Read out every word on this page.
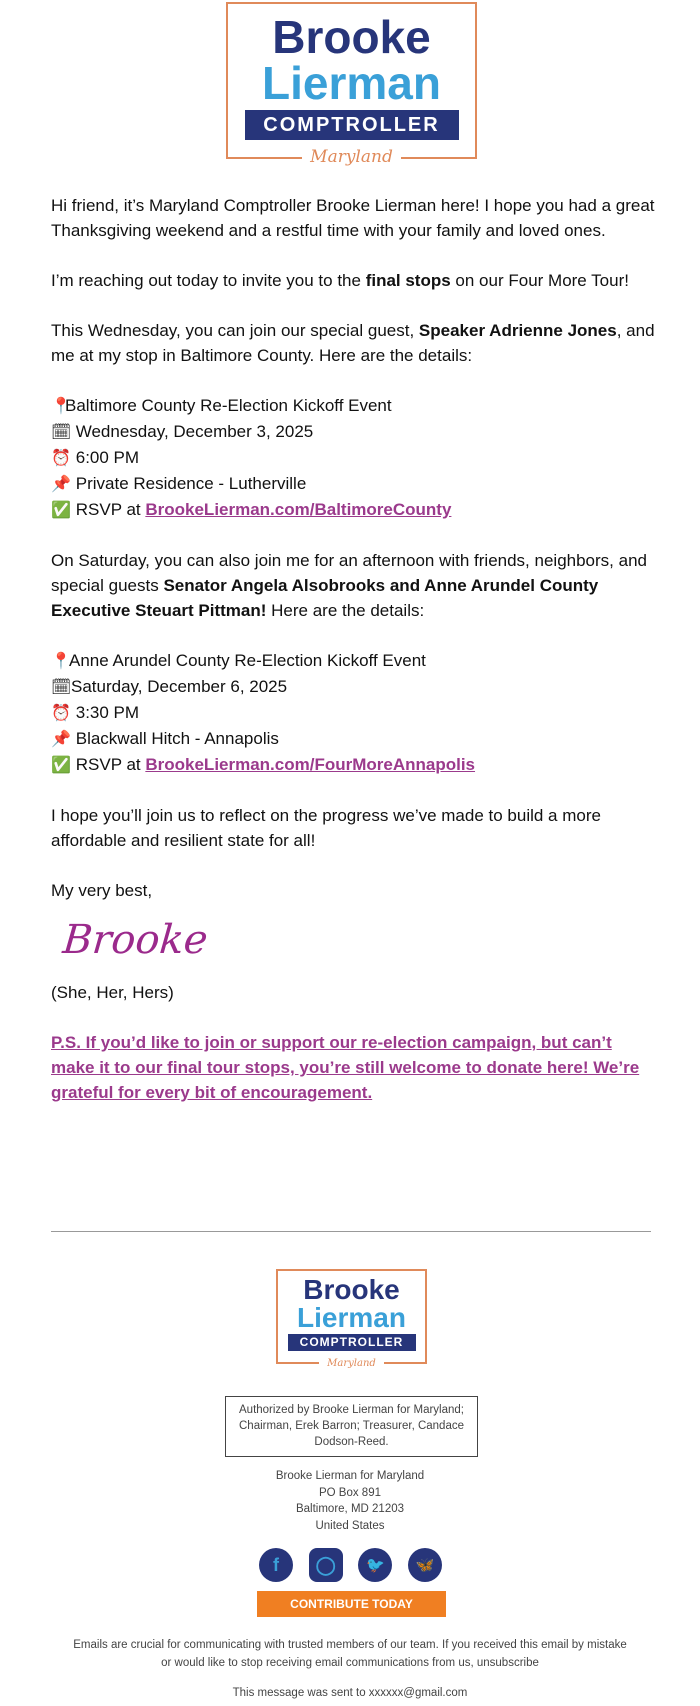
Brooke
Lierman
COMPTROLLER
Maryland

Hi friend, it’s Maryland Comptroller Brooke Lierman here! I hope you had a great Thanksgiving weekend and a restful time with your family and loved ones.

I’m reaching out today to invite you to the final stops on our Four More Tour!

This Wednesday, you can join our special guest, Speaker Adrienne Jones, and me at my stop in Baltimore County. Here are the details:

📍Baltimore County Re-Election Kickoff Event
🗓 Wednesday, December 3, 2025
⏰ 6:00 PM
📌 Private Residence - Lutherville
✅ RSVP at BrookeLierman.com/BaltimoreCounty

On Saturday, you can also join me for an afternoon with friends, neighbors, and special guests Senator Angela Alsobrooks and Anne Arundel County Executive Steuart Pittman! Here are the details:

📍Anne Arundel County Re-Election Kickoff Event
🗓Saturday, December 6, 2025
⏰ 3:30 PM
📌 Blackwall Hitch - Annapolis
✅ RSVP at BrookeLierman.com/FourMoreAnnapolis

I hope you’ll join us to reflect on the progress we’ve made to build a more affordable and resilient state for all!

My very best,

Brooke

(She, Her, Hers)

P.S. If you’d like to join or support our re-election campaign, but can’t make it to our final tour stops, you’re still welcome to donate here! We’re grateful for every bit of encouragement.
Brooke
Lierman
COMPTROLLER
Maryland
Authorized by Brooke Lierman for Maryland; Chairman, Erek Barron; Treasurer, Candace Dodson-Reed.
Brooke Lierman for Maryland
PO Box 891
Baltimore, MD 21203
United States
f	◯	🐦	🦋
CONTRIBUTE TODAY
Emails are crucial for communicating with trusted members of our team. If you received this email by mistake or would like to stop receiving email communications from us, unsubscribe
This message was sent to xxxxxx@gmail.com
